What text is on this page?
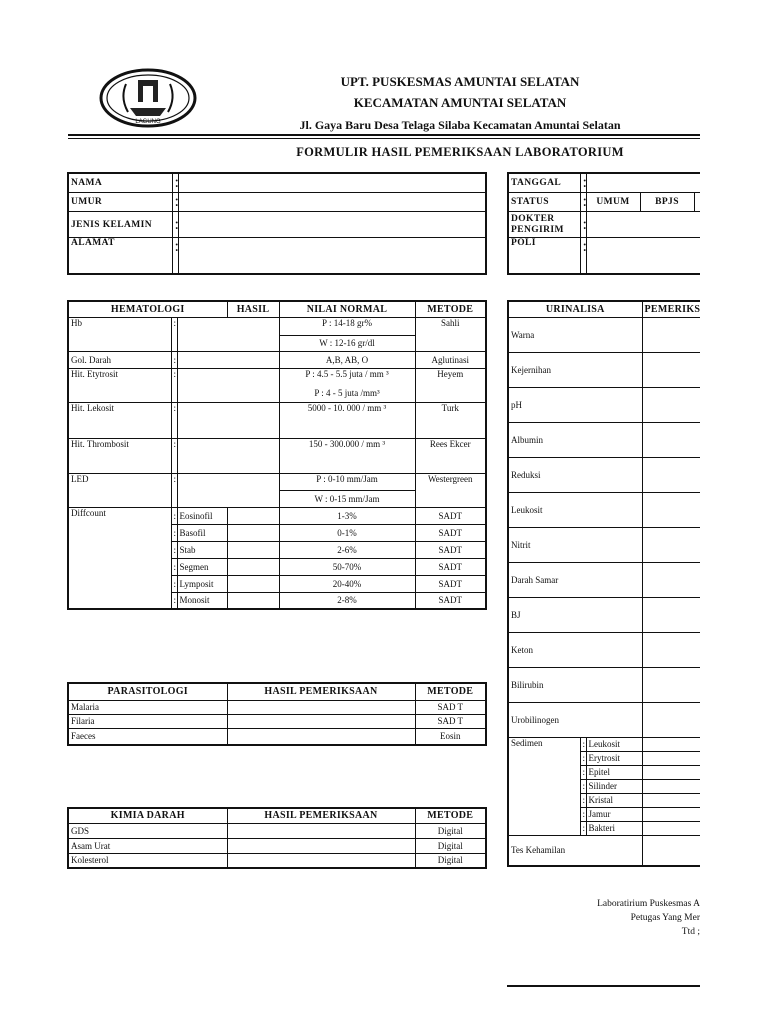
LAGUNG
UPT. PUSKESMAS AMUNTAI SELATAN
KECAMATAN AMUNTAI SELATAN
Jl. Gaya Baru Desa Telaga Silaba Kecamatan Amuntai Selatan
FORMULIR HASIL PEMERIKSAAN LABORATORIUM
NAMA	:	
UMUR	:	
JENIS KELAMIN	:	
ALAMAT	:	
TANGGAL	:			
STATUS	:	UMUM	BPJS	
DOKTER PENGIRIM	:			
POLI	:			
HEMATOLOGI			HASIL	NILAI NORMAL	METODE
Hb	:			P : 14-18 gr%	Sahli
				W : 12-16 gr/dl	
Gol. Darah	:			A,B, AB, O	Aglutinasi
Hit. Etytrosit	:			P : 4.5 - 5.5 juta / mm ³	Heyem
				P : 4 - 5 juta /mm³	
Hit. Lekosit	:			5000 - 10. 000 / mm ³	Turk
Hit. Thrombosit	:			150 - 300.000 / mm ³	Rees Ekcer
LED	:			P : 0-10 mm/Jam	Westergreen
				W : 0-15 mm/Jam	
Diffcount	:	Eosinofil		1-3%	SADT
	:	Basofil		0-1%	SADT
	:	Stab		2-6%	SADT
	:	Segmen		50-70%	SADT
	:	Lymposit		20-40%	SADT
	:	Monosit		2-8%	SADT
PARASITOLOGI	HASIL PEMERIKSAAN	METODE
Malaria		SAD T
Filaria		SAD T
Faeces		Eosin
KIMIA DARAH	HASIL PEMERIKSAAN	METODE
GDS		Digital
Asam Urat		Digital
Kolesterol		Digital
URINALISA			PEMERIKS
Warna			
Kejernihan			
pH			
Albumin			
Reduksi			
Leukosit			
Nitrit			
Darah Samar			
BJ			
Keton			
Bilirubin			
Urobilinogen			
Sedimen	:	Leukosit	
	:	Erytrosit	
	:	Epitel	
	:	Silinder	
	:	Kristal	
	:	Jamur	
	:	Bakteri	
Tes Kehamilan			
Laboratirium Puskesmas A
Petugas Yang Mer
Ttd ;
